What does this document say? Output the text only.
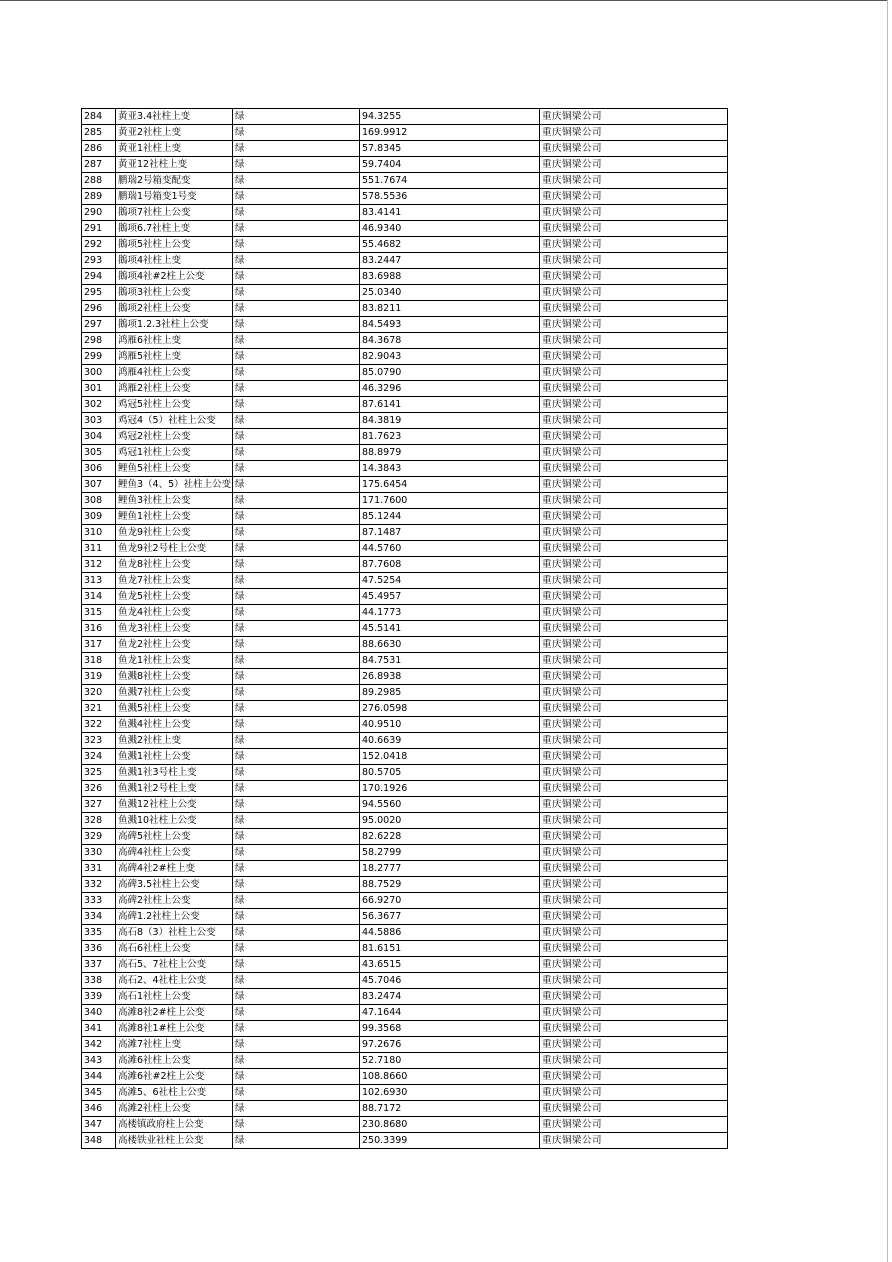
284	黄亚3.4社柱上变	绿	94.3255	重庆铜梁公司
285	黄亚2社柱上变	绿	169.9912	重庆铜梁公司
286	黄亚1社柱上变	绿	57.8345	重庆铜梁公司
287	黄亚12社柱上变	绿	59.7404	重庆铜梁公司
288	鹏瑞2号箱变配变	绿	551.7674	重庆铜梁公司
289	鹏瑞1号箱变1号变	绿	578.5536	重庆铜梁公司
290	鵝项7社柱上公变	绿	83.4141	重庆铜梁公司
291	鵝项6.7社柱上变	绿	46.9340	重庆铜梁公司
292	鵝项5社柱上公变	绿	55.4682	重庆铜梁公司
293	鵝项4社柱上变	绿	83.2447	重庆铜梁公司
294	鵝项4社#2柱上公变	绿	83.6988	重庆铜梁公司
295	鵝项3社柱上公变	绿	25.0340	重庆铜梁公司
296	鵝项2社柱上公变	绿	83.8211	重庆铜梁公司
297	鵝项1.2.3社柱上公变	绿	84.5493	重庆铜梁公司
298	鸿雁6社柱上变	绿	84.3678	重庆铜梁公司
299	鸿雁5社柱上变	绿	82.9043	重庆铜梁公司
300	鸿雁4社柱上公变	绿	85.0790	重庆铜梁公司
301	鸿雁2社柱上公变	绿	46.3296	重庆铜梁公司
302	鸡冠5社柱上公变	绿	87.6141	重庆铜梁公司
303	鸡冠4（5）社柱上公变	绿	84.3819	重庆铜梁公司
304	鸡冠2社柱上公变	绿	81.7623	重庆铜梁公司
305	鸡冠1社柱上公变	绿	88.8979	重庆铜梁公司
306	鲤鱼5社柱上公变	绿	14.3843	重庆铜梁公司
307	鲤鱼3（4、5）社柱上公变	绿	175.6454	重庆铜梁公司
308	鲤鱼3社柱上公变	绿	171.7600	重庆铜梁公司
309	鲤鱼1社柱上公变	绿	85.1244	重庆铜梁公司
310	鱼龙9社柱上公变	绿	87.1487	重庆铜梁公司
311	鱼龙9社2号柱上公变	绿	44.5760	重庆铜梁公司
312	鱼龙8社柱上公变	绿	87.7608	重庆铜梁公司
313	鱼龙7社柱上公变	绿	47.5254	重庆铜梁公司
314	鱼龙5社柱上公变	绿	45.4957	重庆铜梁公司
315	鱼龙4社柱上公变	绿	44.1773	重庆铜梁公司
316	鱼龙3社柱上公变	绿	45.5141	重庆铜梁公司
317	鱼龙2社柱上公变	绿	88.6630	重庆铜梁公司
318	鱼龙1社柱上公变	绿	84.7531	重庆铜梁公司
319	鱼溅8社柱上公变	绿	26.8938	重庆铜梁公司
320	鱼溅7社柱上公变	绿	89.2985	重庆铜梁公司
321	鱼溅5社柱上公变	绿	276.0598	重庆铜梁公司
322	鱼溅4社柱上公变	绿	40.9510	重庆铜梁公司
323	鱼溅2社柱上变	绿	40.6639	重庆铜梁公司
324	鱼溅1社柱上公变	绿	152.0418	重庆铜梁公司
325	鱼溅1社3号柱上变	绿	80.5705	重庆铜梁公司
326	鱼溅1社2号柱上变	绿	170.1926	重庆铜梁公司
327	鱼溅12社柱上公变	绿	94.5560	重庆铜梁公司
328	鱼溅10社柱上公变	绿	95.0020	重庆铜梁公司
329	高碑5社柱上公变	绿	82.6228	重庆铜梁公司
330	高碑4社柱上公变	绿	58.2799	重庆铜梁公司
331	高碑4社2#柱上变	绿	18.2777	重庆铜梁公司
332	高碑3.5社柱上公变	绿	88.7529	重庆铜梁公司
333	高碑2社柱上公变	绿	66.9270	重庆铜梁公司
334	高碑1.2社柱上公变	绿	56.3677	重庆铜梁公司
335	高石8（3）社柱上公变	绿	44.5886	重庆铜梁公司
336	高石6社柱上公变	绿	81.6151	重庆铜梁公司
337	高石5、7社柱上公变	绿	43.6515	重庆铜梁公司
338	高石2、4社柱上公变	绿	45.7046	重庆铜梁公司
339	高石1社柱上公变	绿	83.2474	重庆铜梁公司
340	高滩8社2#柱上公变	绿	47.1644	重庆铜梁公司
341	高滩8社1#柱上公变	绿	99.3568	重庆铜梁公司
342	高滩7社柱上变	绿	97.2676	重庆铜梁公司
343	高滩6社柱上公变	绿	52.7180	重庆铜梁公司
344	高滩6社#2柱上公变	绿	108.8660	重庆铜梁公司
345	高滩5、6社柱上公变	绿	102.6930	重庆铜梁公司
346	高滩2社柱上公变	绿	88.7172	重庆铜梁公司
347	高楼镇政府柱上公变	绿	230.8680	重庆铜梁公司
348	高楼铁业社柱上公变	绿	250.3399	重庆铜梁公司
